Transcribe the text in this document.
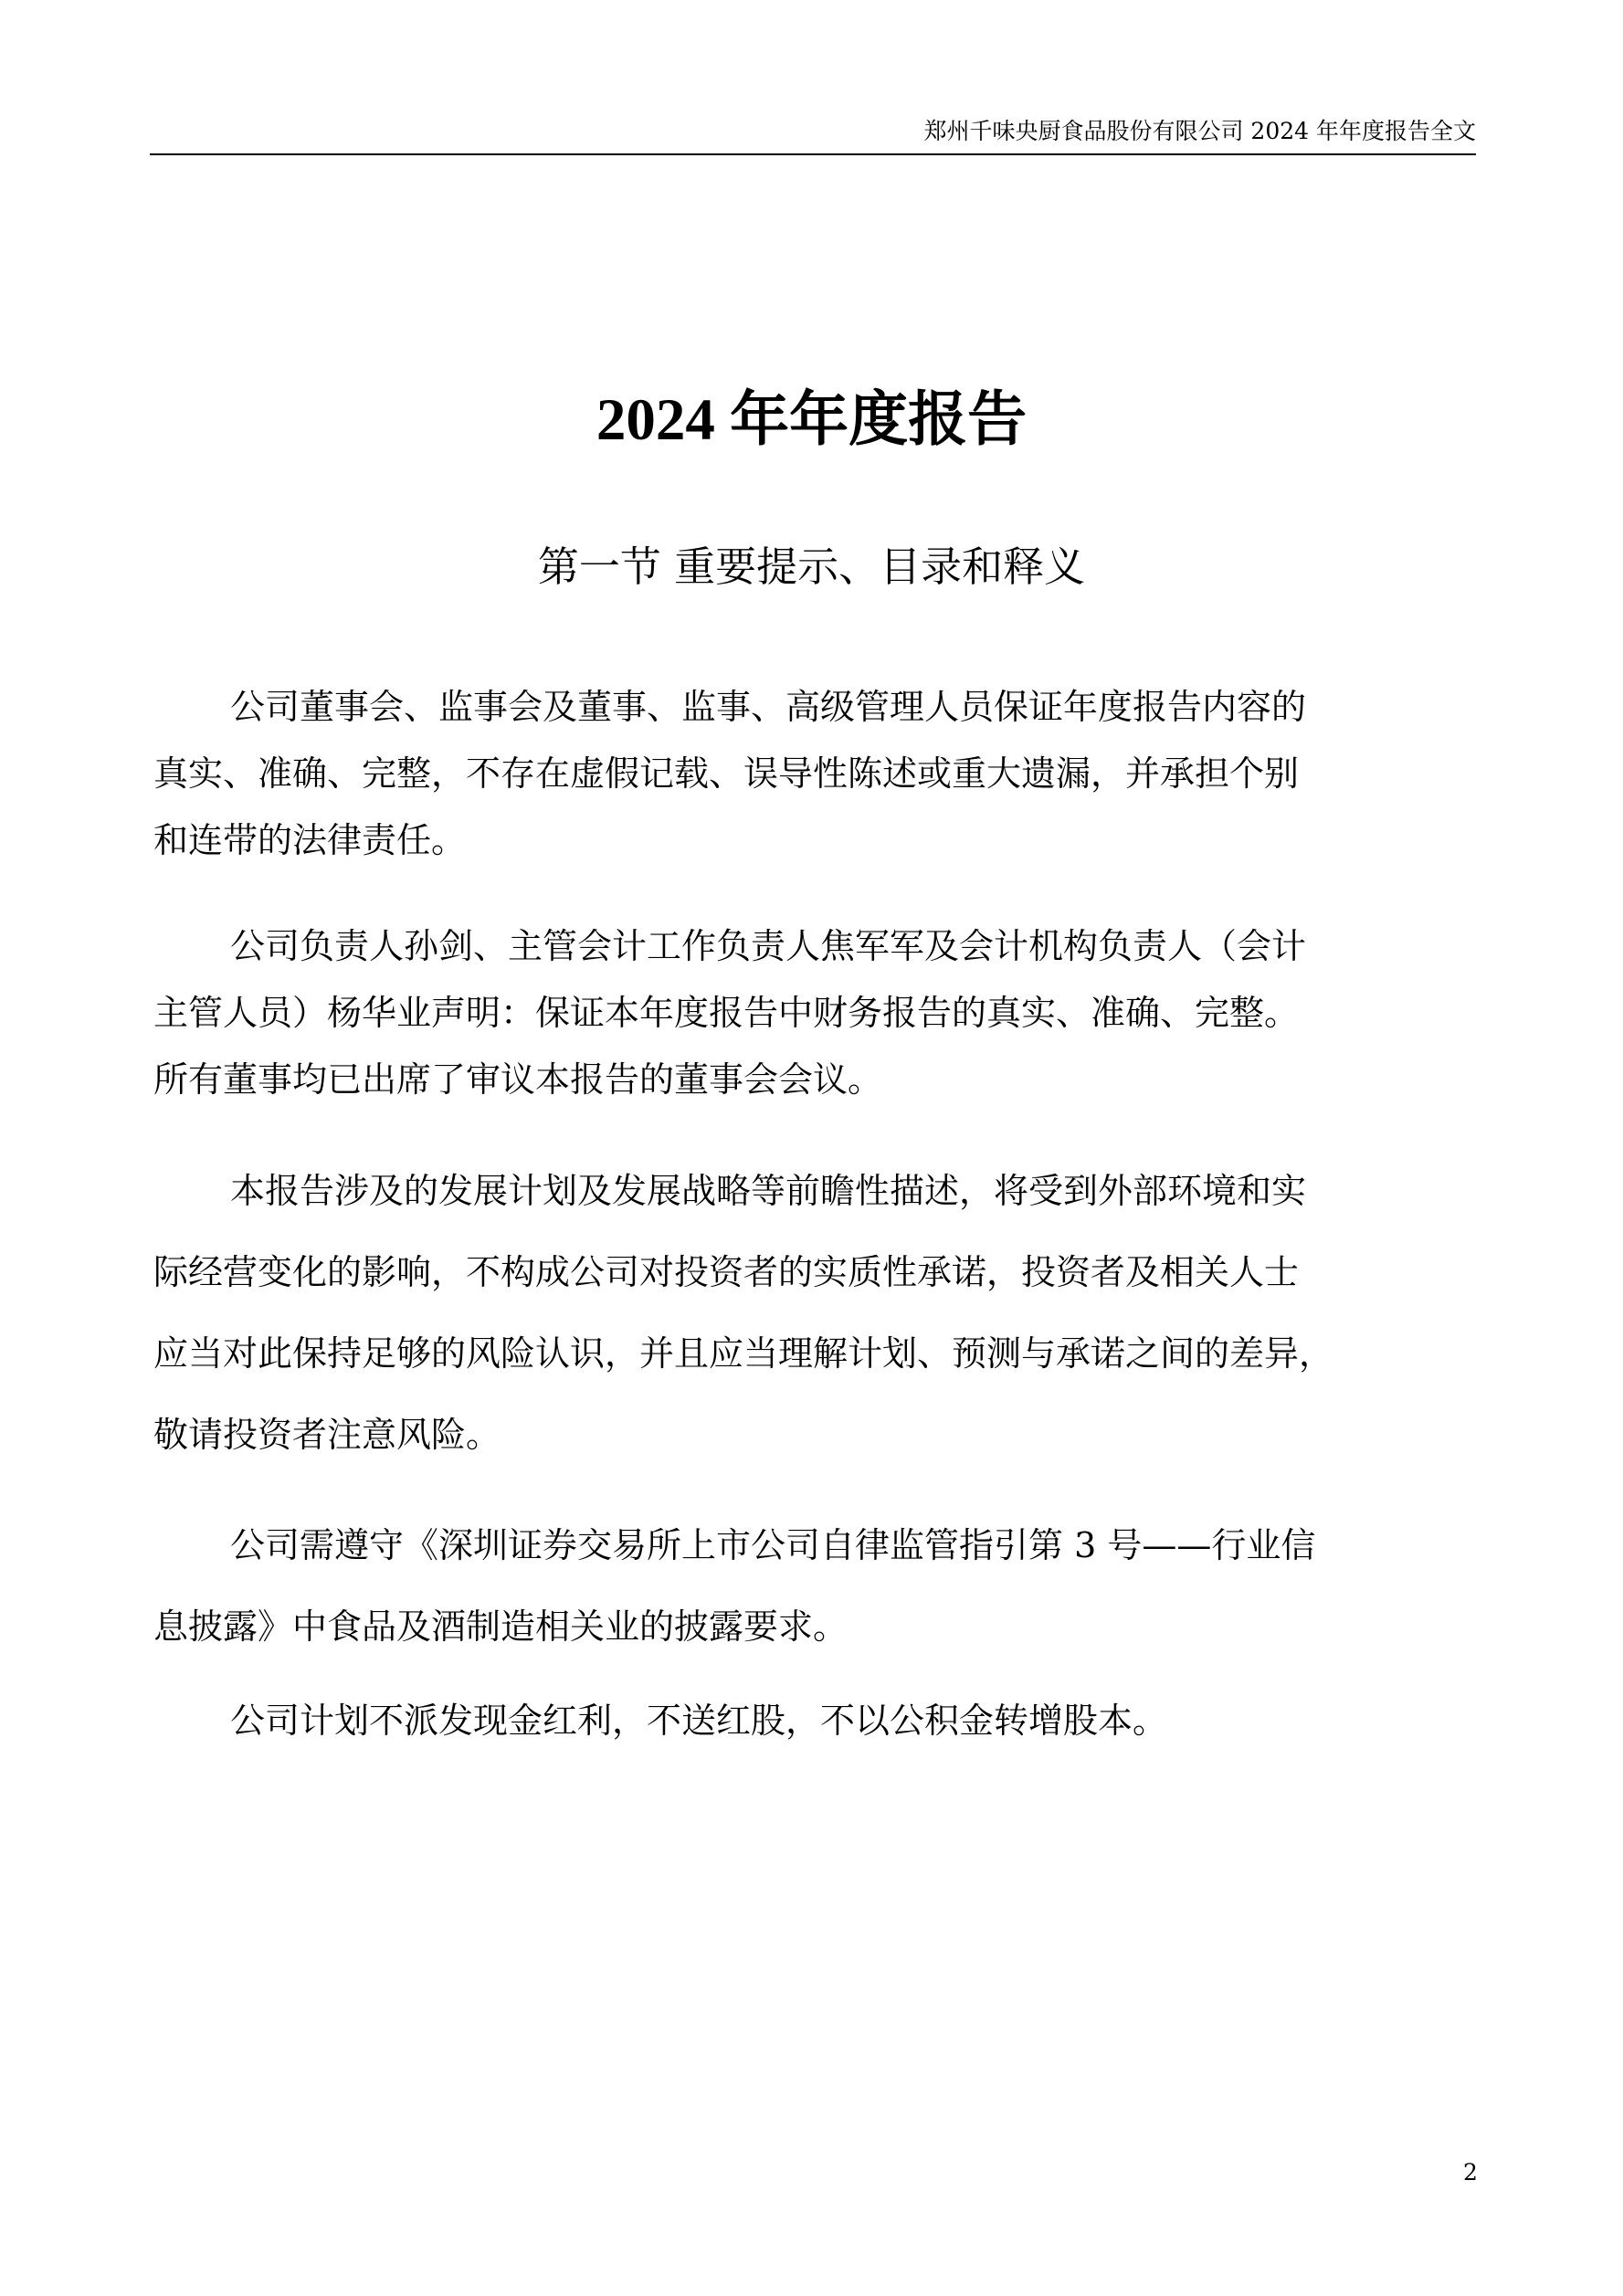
郑州千味央厨食品股份有限公司 2024 年年度报告全文
2024 年年度报告
第一节 重要提示、目录和释义
公司董事会、监事会及董事、监事、高级管理人员保证年度报告内容的
真实、准确、完整，不存在虚假记载、误导性陈述或重大遗漏，并承担个别
和连带的法律责任。
公司负责人孙剑、主管会计工作负责人焦军军及会计机构负责人（会计
主管人员）杨华业声明：保证本年度报告中财务报告的真实、准确、完整。
所有董事均已出席了审议本报告的董事会会议。
本报告涉及的发展计划及发展战略等前瞻性描述，将受到外部环境和实
际经营变化的影响，不构成公司对投资者的实质性承诺，投资者及相关人士
应当对此保持足够的风险认识，并且应当理解计划、预测与承诺之间的差异，
敬请投资者注意风险。
公司需遵守《深圳证券交易所上市公司自律监管指引第 3 号——行业信
息披露》中食品及酒制造相关业的披露要求。
公司计划不派发现金红利，不送红股，不以公积金转增股本。
2
